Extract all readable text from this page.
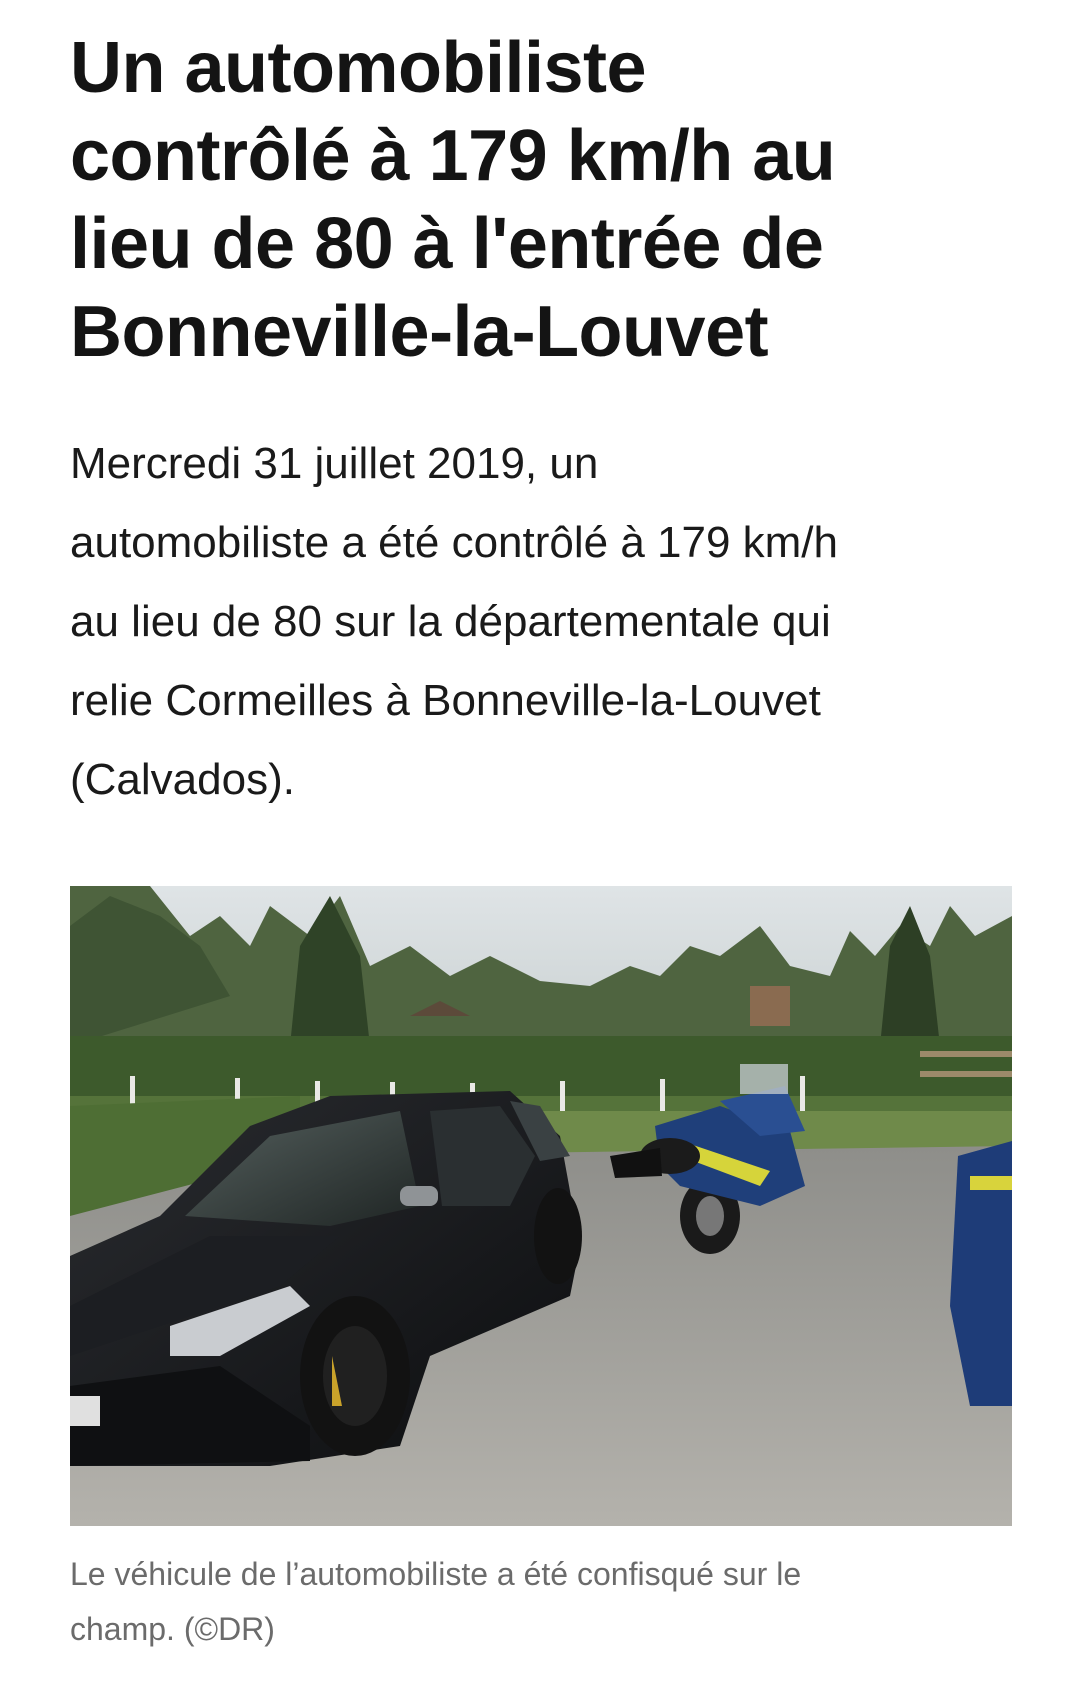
Un automobiliste
contrôlé à 179 km/h au
lieu de 80 à l'entrée de
Bonneville-la-Louvet

Mercredi 31 juillet 2019, un
automobiliste a été contrôlé à 179 km/h
au lieu de 80 sur la départementale qui
relie Cormeilles à Bonneville-la-Louvet
(Calvados).

Le véhicule de l’automobiliste a été confisqué sur le
champ. (©DR)
